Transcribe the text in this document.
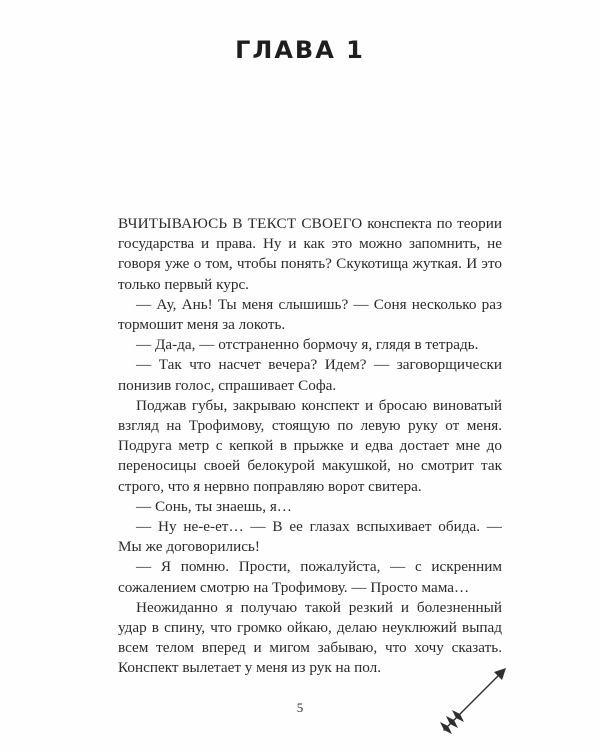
ГЛАВА 1

ВЧИТЫВАЮСЬ В ТЕКСТ СВОЕГО конспекта по теории государства и права. Ну и как это можно запомнить, не говоря уже о том, чтобы понять? Скукотища жуткая. И это только первый курс.

— Ау, Ань! Ты меня слышишь? — Соня несколько раз тормошит меня за локоть.

— Да-да, — отстраненно бормочу я, глядя в тетрадь.

— Так что насчет вечера? Идем? — заговорщически понизив голос, спрашивает Софа.

Поджав губы, закрываю конспект и бросаю виноватый взгляд на Трофимову, стоящую по левую руку от меня. Подруга метр с кепкой в прыжке и едва достает мне до переносицы своей белокурой макушкой, но смотрит так строго, что я нервно поправляю ворот свитера.

— Сонь, ты знаешь, я…

— Ну не-е-ет… — В ее глазах вспыхивает обида. — Мы же договорились!

— Я помню. Прости, пожалуйста, — с искренним сожалением смотрю на Трофимову. — Просто мама…

Неожиданно я получаю такой резкий и болезненный удар в спину, что громко ойкаю, делаю неуклюжий выпад всем телом вперед и мигом забываю, что хочу сказать. Конспект вылетает у меня из рук на пол.

5
